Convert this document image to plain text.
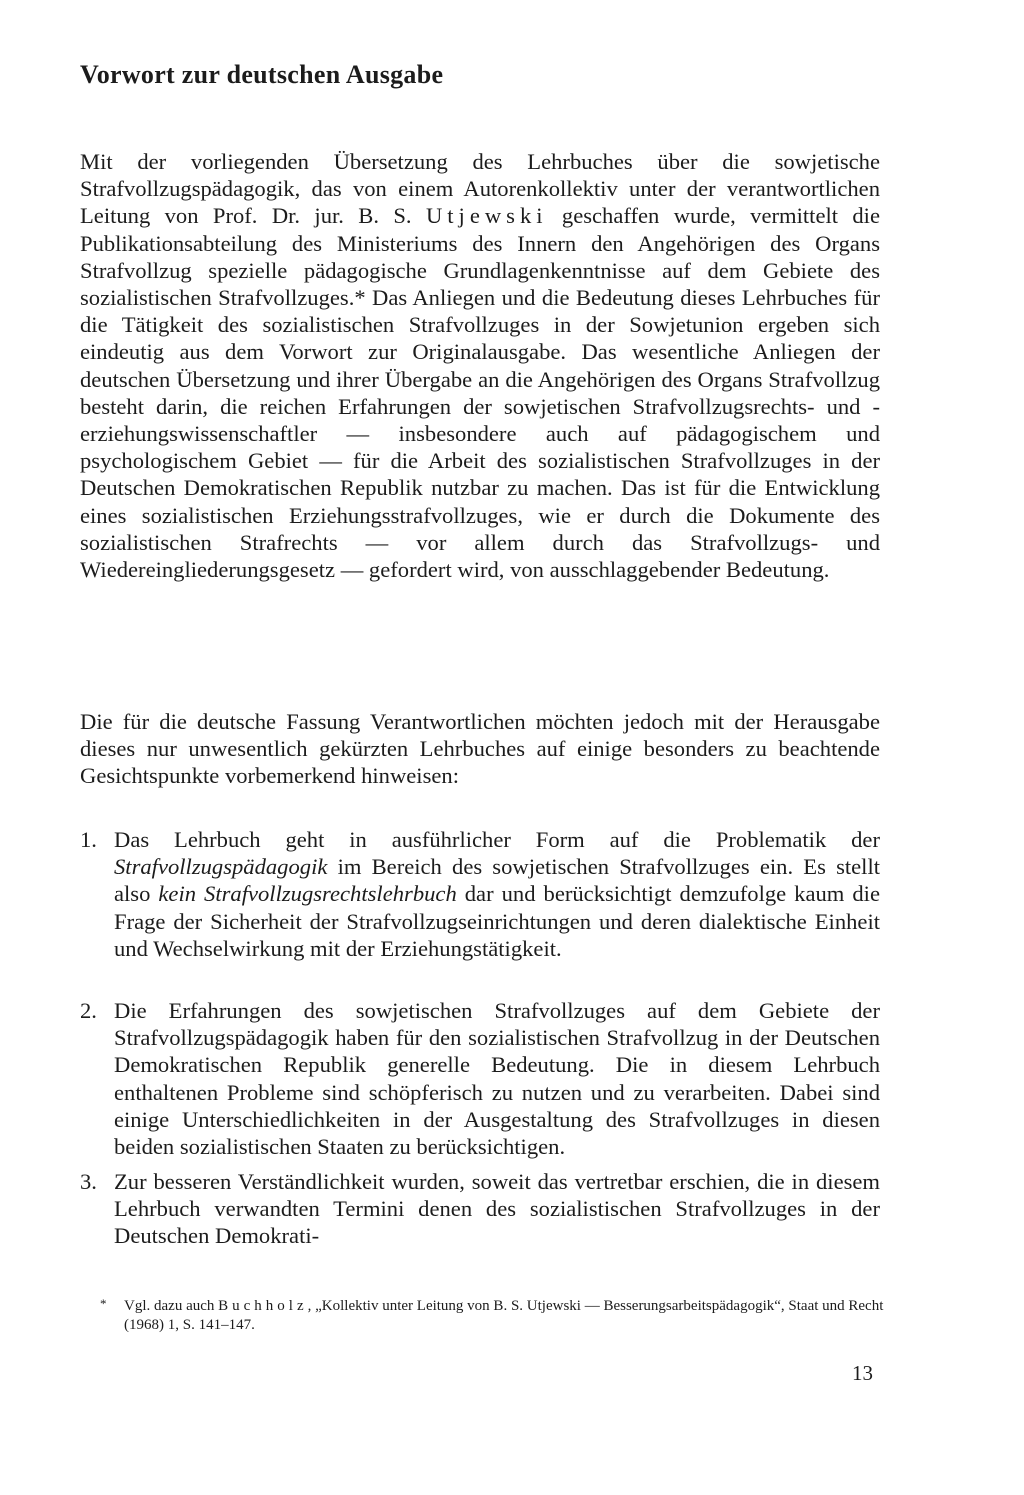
Vorwort zur deutschen Ausgabe

Mit der vorliegenden Übersetzung des Lehrbuches über die sowjetische Strafvollzugspädagogik, das von einem Autorenkollektiv unter der verantwortlichen Leitung von Prof. Dr. jur. B. S. Utjewski geschaffen wurde, vermittelt die Publikationsabteilung des Ministeriums des Innern den Angehörigen des Organs Strafvollzug spezielle pädagogische Grundlagenkenntnisse auf dem Gebiete des sozialistischen Strafvollzuges.* Das Anliegen und die Bedeutung dieses Lehrbuches für die Tätigkeit des sozialistischen Strafvollzuges in der Sowjetunion ergeben sich eindeutig aus dem Vorwort zur Originalausgabe. Das wesentliche Anliegen der deutschen Übersetzung und ihrer Übergabe an die Angehörigen des Organs Strafvollzug besteht darin, die reichen Erfahrungen der sowjetischen Strafvollzugsrechts- und -erziehungswissenschaftler — insbesondere auch auf pädagogischem und psychologischem Gebiet — für die Arbeit des sozialistischen Strafvollzuges in der Deutschen Demokratischen Republik nutzbar zu machen. Das ist für die Entwicklung eines sozialistischen Erziehungsstrafvollzuges, wie er durch die Dokumente des sozialistischen Strafrechts — vor allem durch das Strafvollzugs- und Wiedereingliederungsgesetz — gefordert wird, von ausschlaggebender Bedeutung.

Die für die deutsche Fassung Verantwortlichen möchten jedoch mit der Herausgabe dieses nur unwesentlich gekürzten Lehrbuches auf einige besonders zu beachtende Gesichtspunkte vorbemerkend hinweisen:

1. Das Lehrbuch geht in ausführlicher Form auf die Problematik der Strafvollzugspädagogik im Bereich des sowjetischen Strafvollzuges ein. Es stellt also kein Strafvollzugsrechtslehrbuch dar und berücksichtigt demzufolge kaum die Frage der Sicherheit der Strafvollzugseinrichtungen und deren dialektische Einheit und Wechselwirkung mit der Erziehungstätigkeit.
2. Die Erfahrungen des sowjetischen Strafvollzuges auf dem Gebiete der Strafvollzugspädagogik haben für den sozialistischen Strafvollzug in der Deutschen Demokratischen Republik generelle Bedeutung. Die in diesem Lehrbuch enthaltenen Probleme sind schöpferisch zu nutzen und zu verarbeiten. Dabei sind einige Unterschiedlichkeiten in der Ausgestaltung des Strafvollzuges in diesen beiden sozialistischen Staaten zu berücksichtigen.
3. Zur besseren Verständlichkeit wurden, soweit das vertretbar erschien, die in diesem Lehrbuch verwandten Termini denen des sozialistischen Strafvollzuges in der Deutschen Demokrati-
* Vgl. dazu auch Buchholz, „Kollektiv unter Leitung von B. S. Utjewski — Besserungsarbeitspädagogik“, Staat und Recht (1968) 1, S. 141–147.
13
